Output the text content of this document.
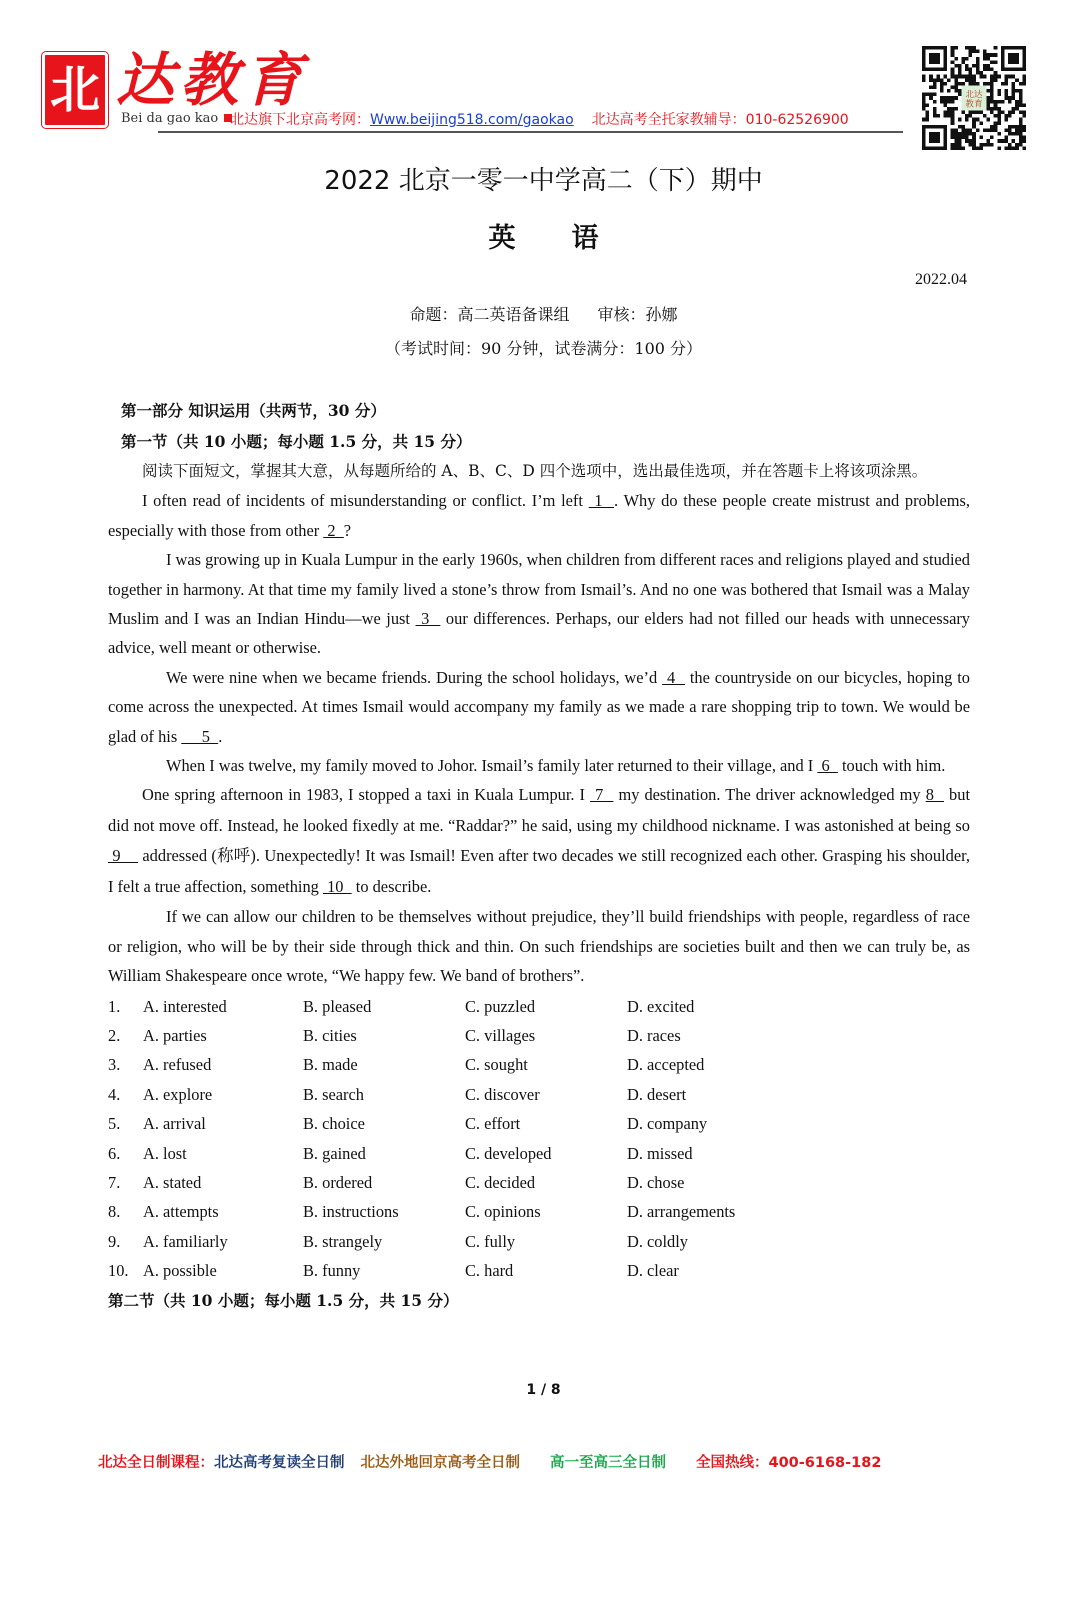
北 达教育
Bei da gao kao 北达旗下北京高考网：Www.beijing518.com/gaokao 北达高考全托家教辅导：010-62526900
北达
教育
2022 北京一零一中学高二（下）期中
英 语
2022.04
命题：高二英语备课组 审核：孙娜
（考试时间：90 分钟，试卷满分：100 分）
第一部分 知识运用（共两节，30 分）
第一节（共 10 小题；每小题 1.5 分，共 15 分）

阅读下面短文，掌握其大意，从每题所给的 A、B、C、D 四个选项中，选出最佳选项，并在答题卡上将该项涂黑。

I often read of incidents of misunderstanding or conflict. I’m left  1  . Why do these people create mistrust and problems, especially with those from other  2  ?

I was growing up in Kuala Lumpur in the early 1960s, when children from different races and religions played and studied together in harmony. At that time my family lived a stone’s throw from Ismail’s. And no one was bothered that Ismail was a Malay Muslim and I was an Indian Hindu—we just  3   our differences. Perhaps, our elders had not filled our heads with unnecessary advice, well meant or otherwise.

We were nine when we became friends. During the school holidays, we’d  4   the countryside on our bicycles, hoping to come across the unexpected. At times Ismail would accompany my family as we made a rare shopping trip to town. We would be glad of his      5  .

When I was twelve, my family moved to Johor. Ismail’s family later returned to their village, and I  6   touch with him.

One spring afternoon in 1983, I stopped a taxi in Kuala Lumpur. I  7   my destination. The driver acknowledged my 8   but did not move off. Instead, he looked fixedly at me. “Raddar?” he said, using my childhood nickname. I was astonished at being so  9     addressed (称呼). Unexpectedly! It was Ismail! Even after two decades we still recognized each other. Grasping his shoulder, I felt a true affection, something  10   to describe.

If we can allow our children to be themselves without prejudice, they’ll build friendships with people, regardless of race or religion, who will be by their side through thick and thin. On such friendships are societies built and then we can truly be, as William Shakespeare once wrote, “We happy few. We band of brothers”.

1.	A. interested	B. pleased	C. puzzled	D. excited
2.	A. parties	B. cities	C. villages	D. races
3.	A. refused	B. made	C. sought	D. accepted
4.	A. explore	B. search	C. discover	D. desert
5.	A. arrival	B. choice	C. effort	D. company
6.	A. lost	B. gained	C. developed	D. missed
7.	A. stated	B. ordered	C. decided	D. chose
8.	A. attempts	B. instructions	C. opinions	D. arrangements
9.	A. familiarly	B. strangely	C. fully	D. coldly
10. A. possible	B. funny	C. hard	D. clear
第二节（共 10 小题；每小题 1.5 分，共 15 分）
1 / 8
北达全日制课程：北达高考复读全日制 北达外地回京高考全日制 高一至高三全日制 全国热线：400-6168-182
